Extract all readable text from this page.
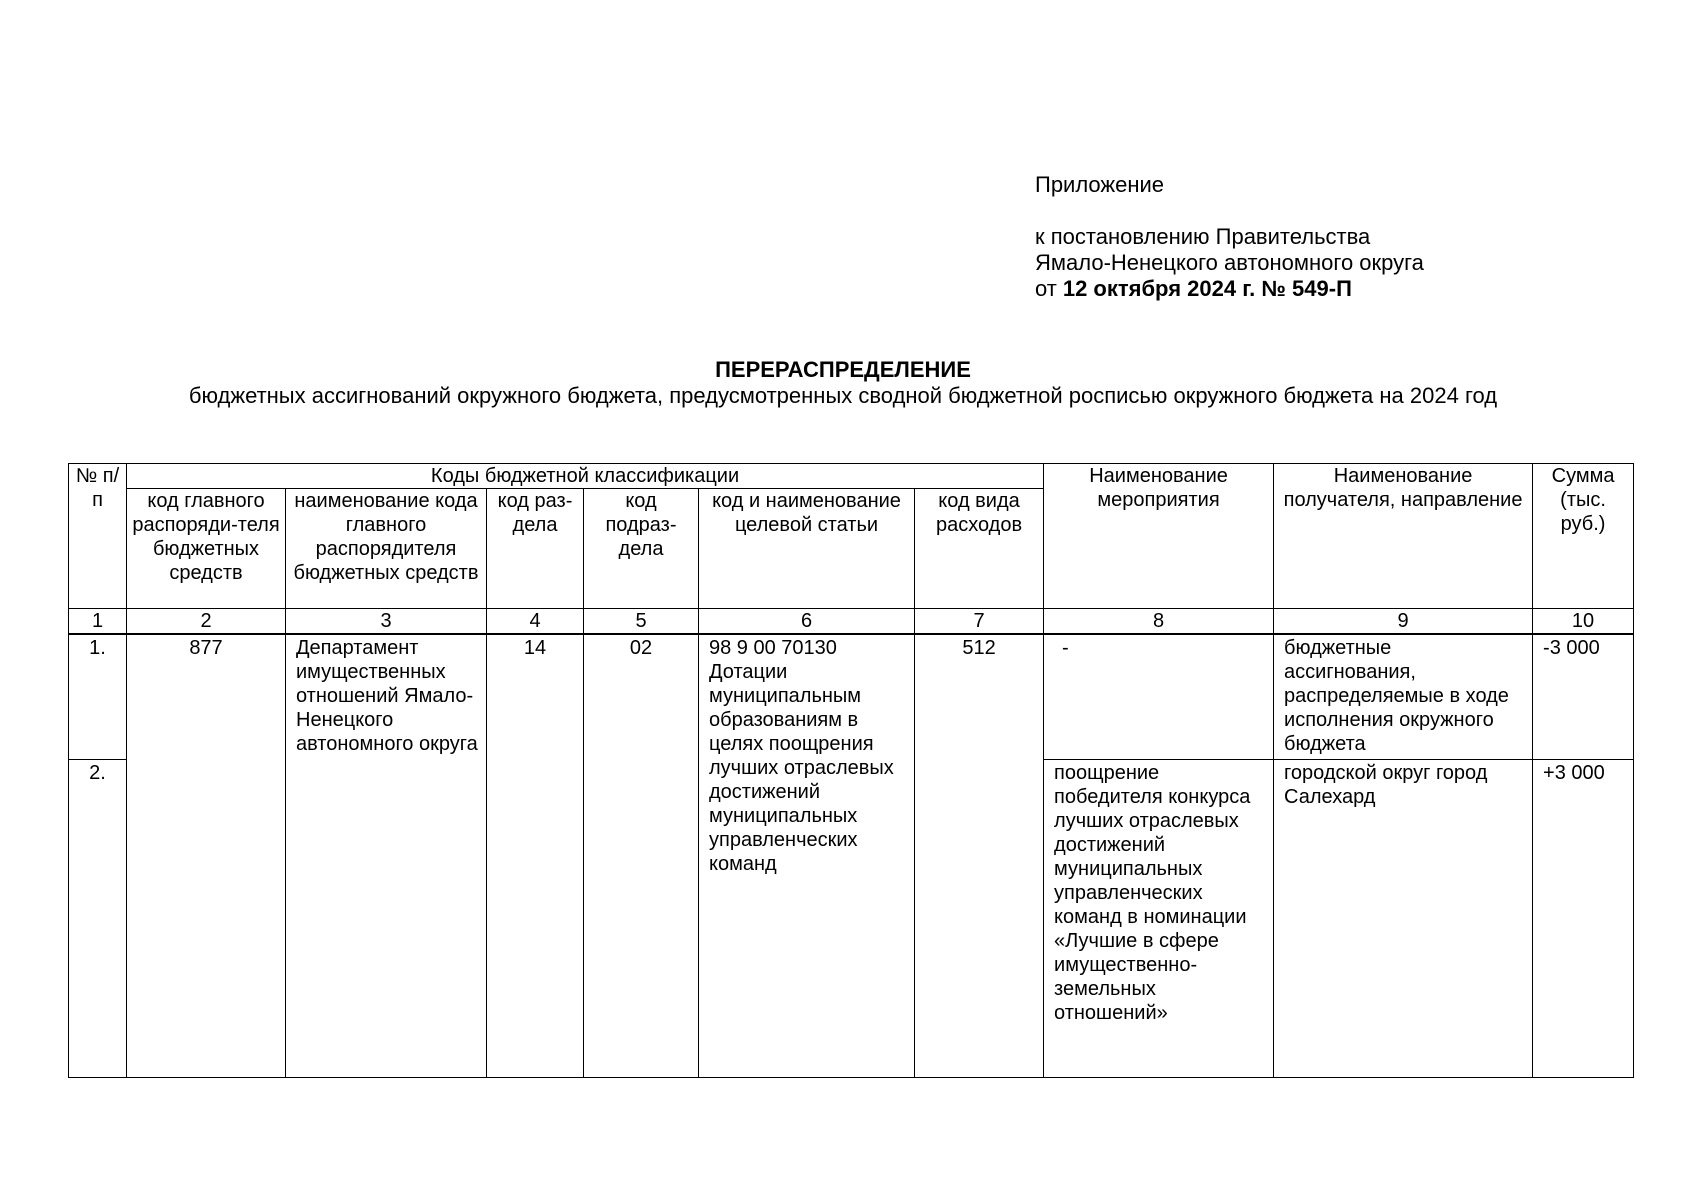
Приложение
к постановлению Правительства
Ямало-Ненецкого автономного округа
от 12 октября 2024 г. № 549-П
ПЕРЕРАСПРЕДЕЛЕНИЕ
бюджетных ассигнований окружного бюджета, предусмотренных сводной бюджетной росписью окружного бюджета на 2024 год
№ п/п	Коды бюджетной классификации						Наименование мероприятия	Наименование получателя, направление	Сумма (тыс. руб.)
	код главного распоряди-теля бюджетных средств	наименование кода главного распорядителя бюджетных средств	код раз-дела	код подраз-дела	код и наименование целевой статьи	код вида расходов			
1	2	3	4	5	6	7	8	9	10
1.	877	Департамент имущественных отношений Ямало-Ненецкого автономного округа	14	02	98 9 00 70130 Дотации муниципальным образованиям в целях поощрения лучших отраслевых достижений муниципальных управленческих команд	512	-	бюджетные ассигнования, распределяемые в ходе исполнения окружного бюджета	-3 000
2.							поощрение победителя конкурса лучших отраслевых достижений муниципальных управленческих команд в номинации «Лучшие в сфере имущественно-земельных отношений»	городской округ город Салехард	+3 000
